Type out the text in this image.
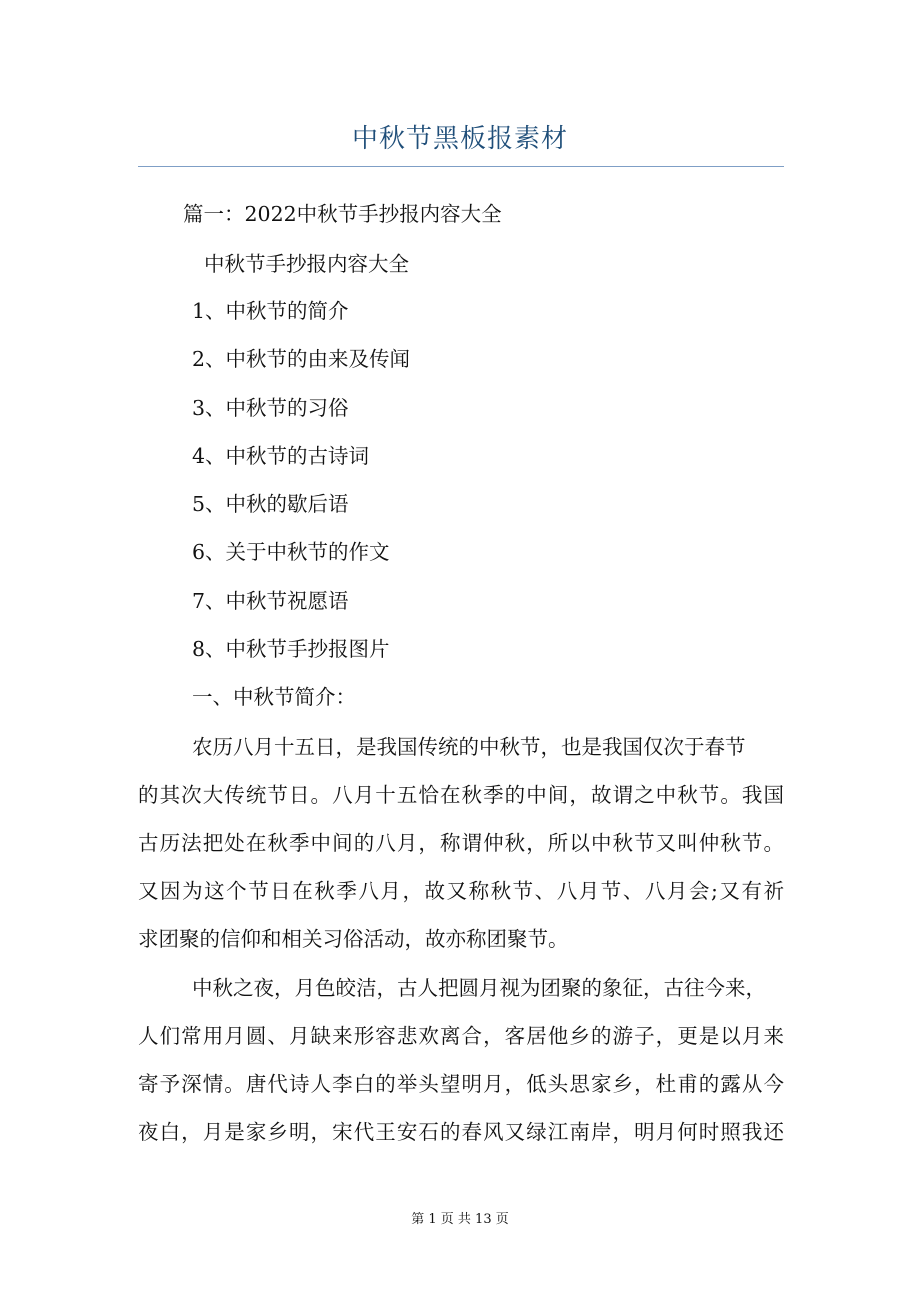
中秋节黑板报素材
篇一：2022中秋节手抄报内容大全
中秋节手抄报内容大全
1、中秋节的简介
2、中秋节的由来及传闻
3、中秋节的习俗
4、中秋节的古诗词
5、中秋的歇后语
6、关于中秋节的作文
7、中秋节祝愿语
8、中秋节手抄报图片
一、中秋节简介：
农历八月十五日，是我国传统的中秋节，也是我国仅次于春节
的其次大传统节日。八月十五恰在秋季的中间，故谓之中秋节。我国
古历法把处在秋季中间的八月，称谓仲秋，所以中秋节又叫仲秋节。
又因为这个节日在秋季八月，故又称秋节、八月节、八月会;又有祈
求团聚的信仰和相关习俗活动，故亦称团聚节。
中秋之夜，月色皎洁，古人把圆月视为团聚的象征，古往今来，
人们常用月圆、月缺来形容悲欢离合，客居他乡的游子，更是以月来
寄予深情。唐代诗人李白的举头望明月，低头思家乡，杜甫的露从今
夜白，月是家乡明，宋代王安石的春风又绿江南岸，明月何时照我还
第 1 页 共 13 页
